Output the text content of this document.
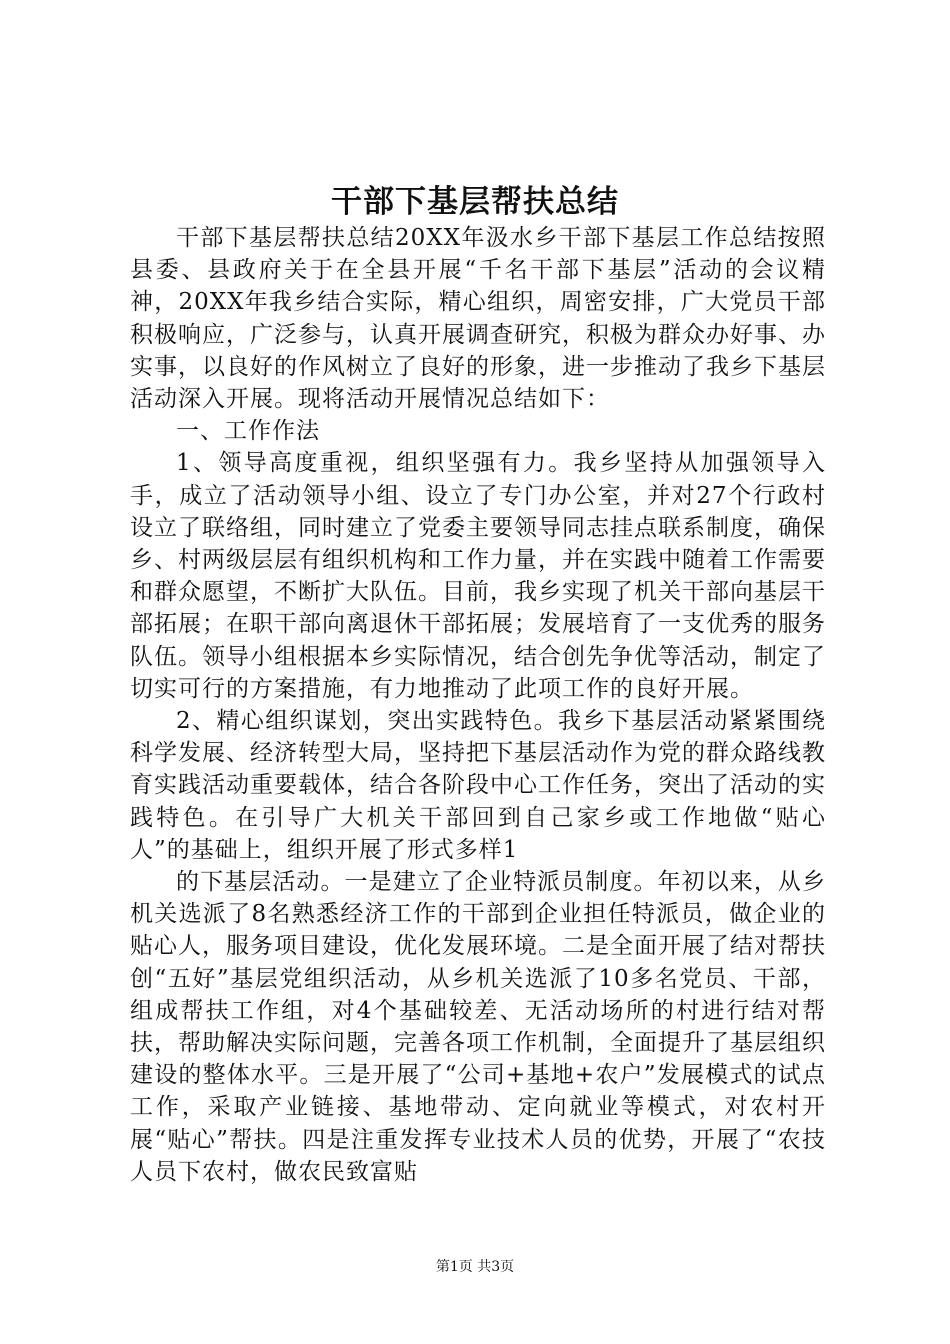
干部下基层帮扶总结

干部下基层帮扶总结20XX年汲水乡干部下基层工作总结按照县委、县政府关于在全县开展“千名干部下基层”活动的会议精神，20XX年我乡结合实际，精心组织，周密安排，广大党员干部积极响应，广泛参与，认真开展调查研究，积极为群众办好事、办实事，以良好的作风树立了良好的形象，进一步推动了我乡下基层活动深入开展。现将活动开展情况总结如下：

一、工作作法

1、领导高度重视，组织坚强有力。我乡坚持从加强领导入手，成立了活动领导小组、设立了专门办公室，并对27个行政村设立了联络组，同时建立了党委主要领导同志挂点联系制度，确保乡、村两级层层有组织机构和工作力量，并在实践中随着工作需要和群众愿望，不断扩大队伍。目前，我乡实现了机关干部向基层干部拓展；在职干部向离退休干部拓展；发展培育了一支优秀的服务队伍。领导小组根据本乡实际情况，结合创先争优等活动，制定了切实可行的方案措施，有力地推动了此项工作的良好开展。

2、精心组织谋划，突出实践特色。我乡下基层活动紧紧围绕科学发展、经济转型大局，坚持把下基层活动作为党的群众路线教育实践活动重要载体，结合各阶段中心工作任务，突出了活动的实践特色。在引导广大机关干部回到自己家乡或工作地做“贴心人”的基础上，组织开展了形式多样1

的下基层活动。一是建立了企业特派员制度。年初以来，从乡机关选派了8名熟悉经济工作的干部到企业担任特派员，做企业的贴心人，服务项目建设，优化发展环境。二是全面开展了结对帮扶创“五好”基层党组织活动，从乡机关选派了10多名党员、干部，组成帮扶工作组，对4个基础较差、无活动场所的村进行结对帮扶，帮助解决实际问题，完善各项工作机制，全面提升了基层组织建设的整体水平。三是开展了“公司+基地+农户”发展模式的试点工作，采取产业链接、基地带动、定向就业等模式，对农村开展“贴心”帮扶。四是注重发挥专业技术人员的优势，开展了“农技人员下农村，做农民致富贴

第1页 共3页
